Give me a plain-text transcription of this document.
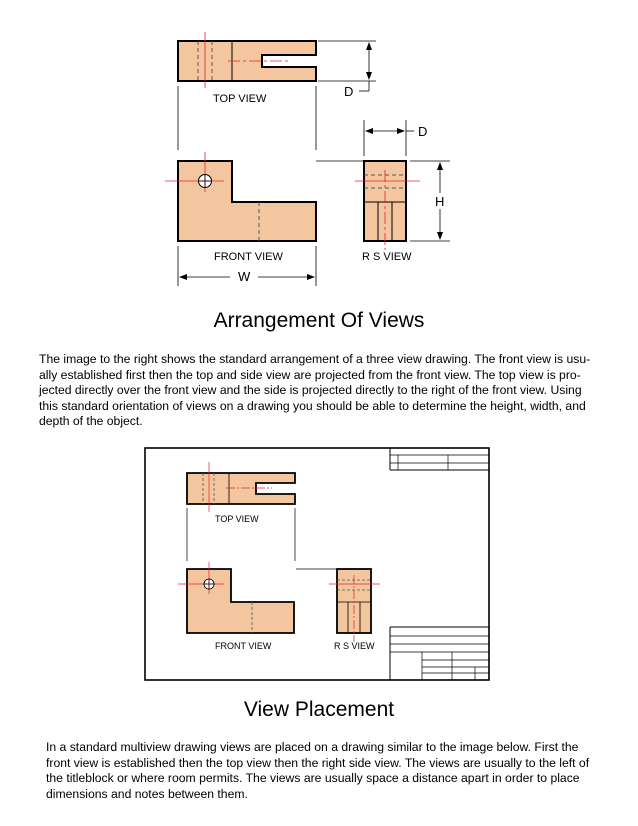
TOP VIEW	D
FRONT VIEW
W
R S VIEW
D
H
Arrangement Of Views
The image to the right shows the standard arrangement of a three view drawing. The front view is usu-
ally established first then the top and side view are projected from the front view. The top view is pro-
jected directly over the front view and the side is projected directly to the right of the front view. Using
this standard orientation of views on a drawing you should be able to determine the height, width, and
depth of the object.
TOP VIEW
FRONT VIEW	R S VIEW
View Placement
In a standard multiview drawing views are placed on a drawing similar to the image below. First the
front view is established then the top view then the right side view. The views are usually to the left of
the titleblock or where room permits. The views are usually space a distance apart in order to place
dimensions and notes between them.
